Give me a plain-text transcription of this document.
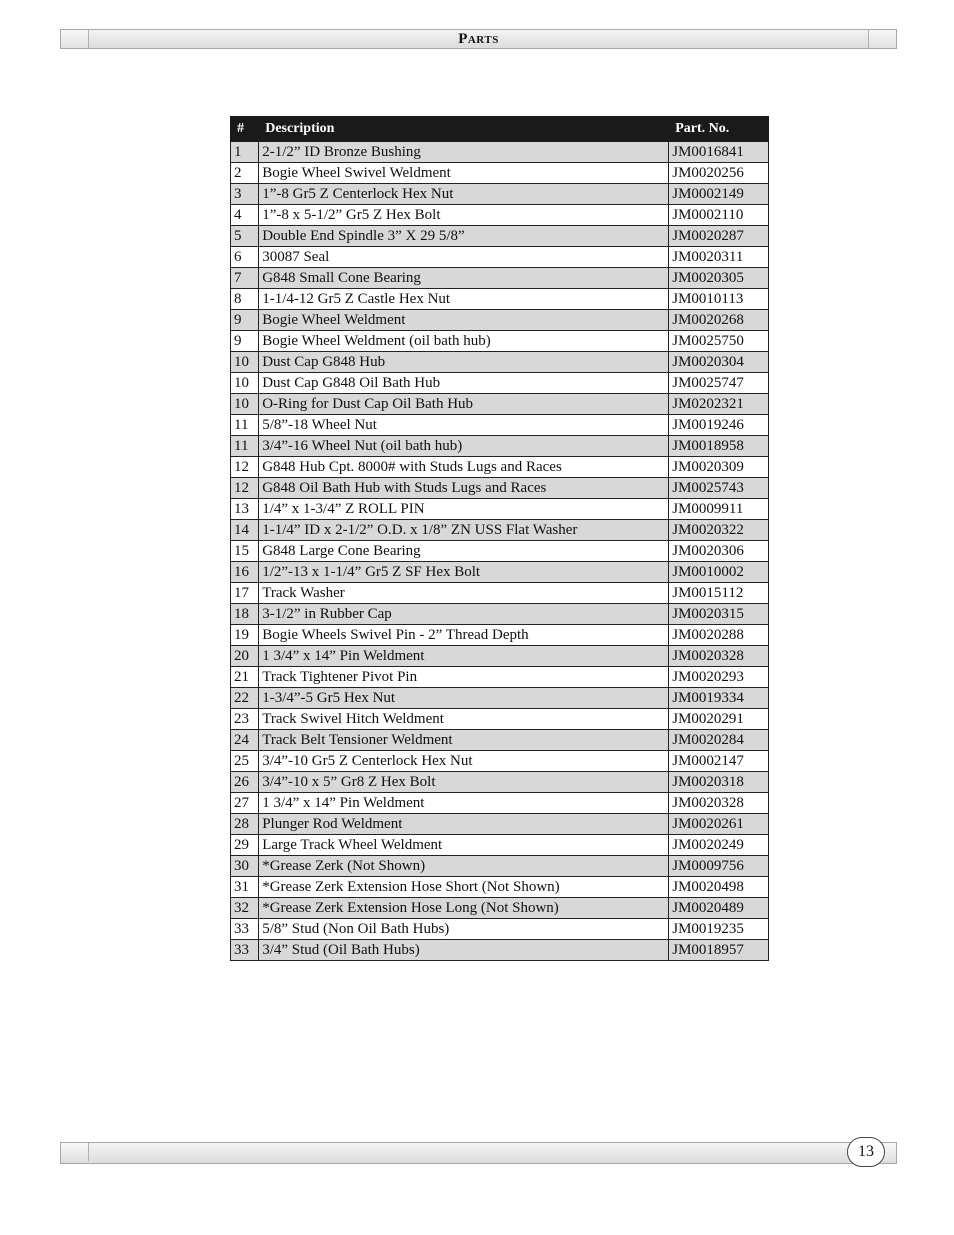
Parts
#	Description	Part. No.
1	2-1/2” ID Bronze Bushing	JM0016841
2	Bogie Wheel Swivel Weldment	JM0020256
3	1”-8 Gr5 Z Centerlock Hex Nut	JM0002149
4	1”-8 x 5-1/2” Gr5 Z Hex Bolt	JM0002110
5	Double End Spindle 3” X 29 5/8”	JM0020287
6	30087 Seal	JM0020311
7	G848 Small Cone Bearing	JM0020305
8	1-1/4-12 Gr5 Z Castle Hex Nut	JM0010113
9	Bogie Wheel Weldment	JM0020268
9	Bogie Wheel Weldment (oil bath hub)	JM0025750
10	Dust Cap G848 Hub	JM0020304
10	Dust Cap G848 Oil Bath Hub	JM0025747
10	O-Ring for Dust Cap Oil Bath Hub	JM0202321
11	5/8”-18 Wheel Nut	JM0019246
11	3/4”-16 Wheel Nut (oil bath hub)	JM0018958
12	G848 Hub Cpt. 8000# with Studs Lugs and Races	JM0020309
12	G848 Oil Bath Hub with Studs Lugs and Races	JM0025743
13	1/4” x 1-3/4” Z ROLL PIN	JM0009911
14	1-1/4” ID x 2-1/2” O.D. x 1/8” ZN USS Flat Washer	JM0020322
15	G848 Large Cone Bearing	JM0020306
16	1/2”-13 x 1-1/4” Gr5 Z SF Hex Bolt	JM0010002
17	Track Washer	JM0015112
18	3-1/2” in Rubber Cap	JM0020315
19	Bogie Wheels Swivel Pin - 2” Thread Depth	JM0020288
20	1 3/4” x 14” Pin Weldment	JM0020328
21	Track Tightener Pivot Pin	JM0020293
22	1-3/4”-5 Gr5 Hex Nut	JM0019334
23	Track Swivel Hitch Weldment	JM0020291
24	Track Belt Tensioner Weldment	JM0020284
25	3/4”-10 Gr5 Z Centerlock Hex Nut	JM0002147
26	3/4”-10 x 5” Gr8 Z Hex Bolt	JM0020318
27	1 3/4” x 14” Pin Weldment	JM0020328
28	Plunger Rod Weldment	JM0020261
29	Large Track Wheel Weldment	JM0020249
30	*Grease Zerk (Not Shown)	JM0009756
31	*Grease Zerk Extension Hose Short (Not Shown)	JM0020498
32	*Grease Zerk Extension Hose Long (Not Shown)	JM0020489
33	5/8” Stud (Non Oil Bath Hubs)	JM0019235
33	3/4” Stud (Oil Bath Hubs)	JM0018957
13
